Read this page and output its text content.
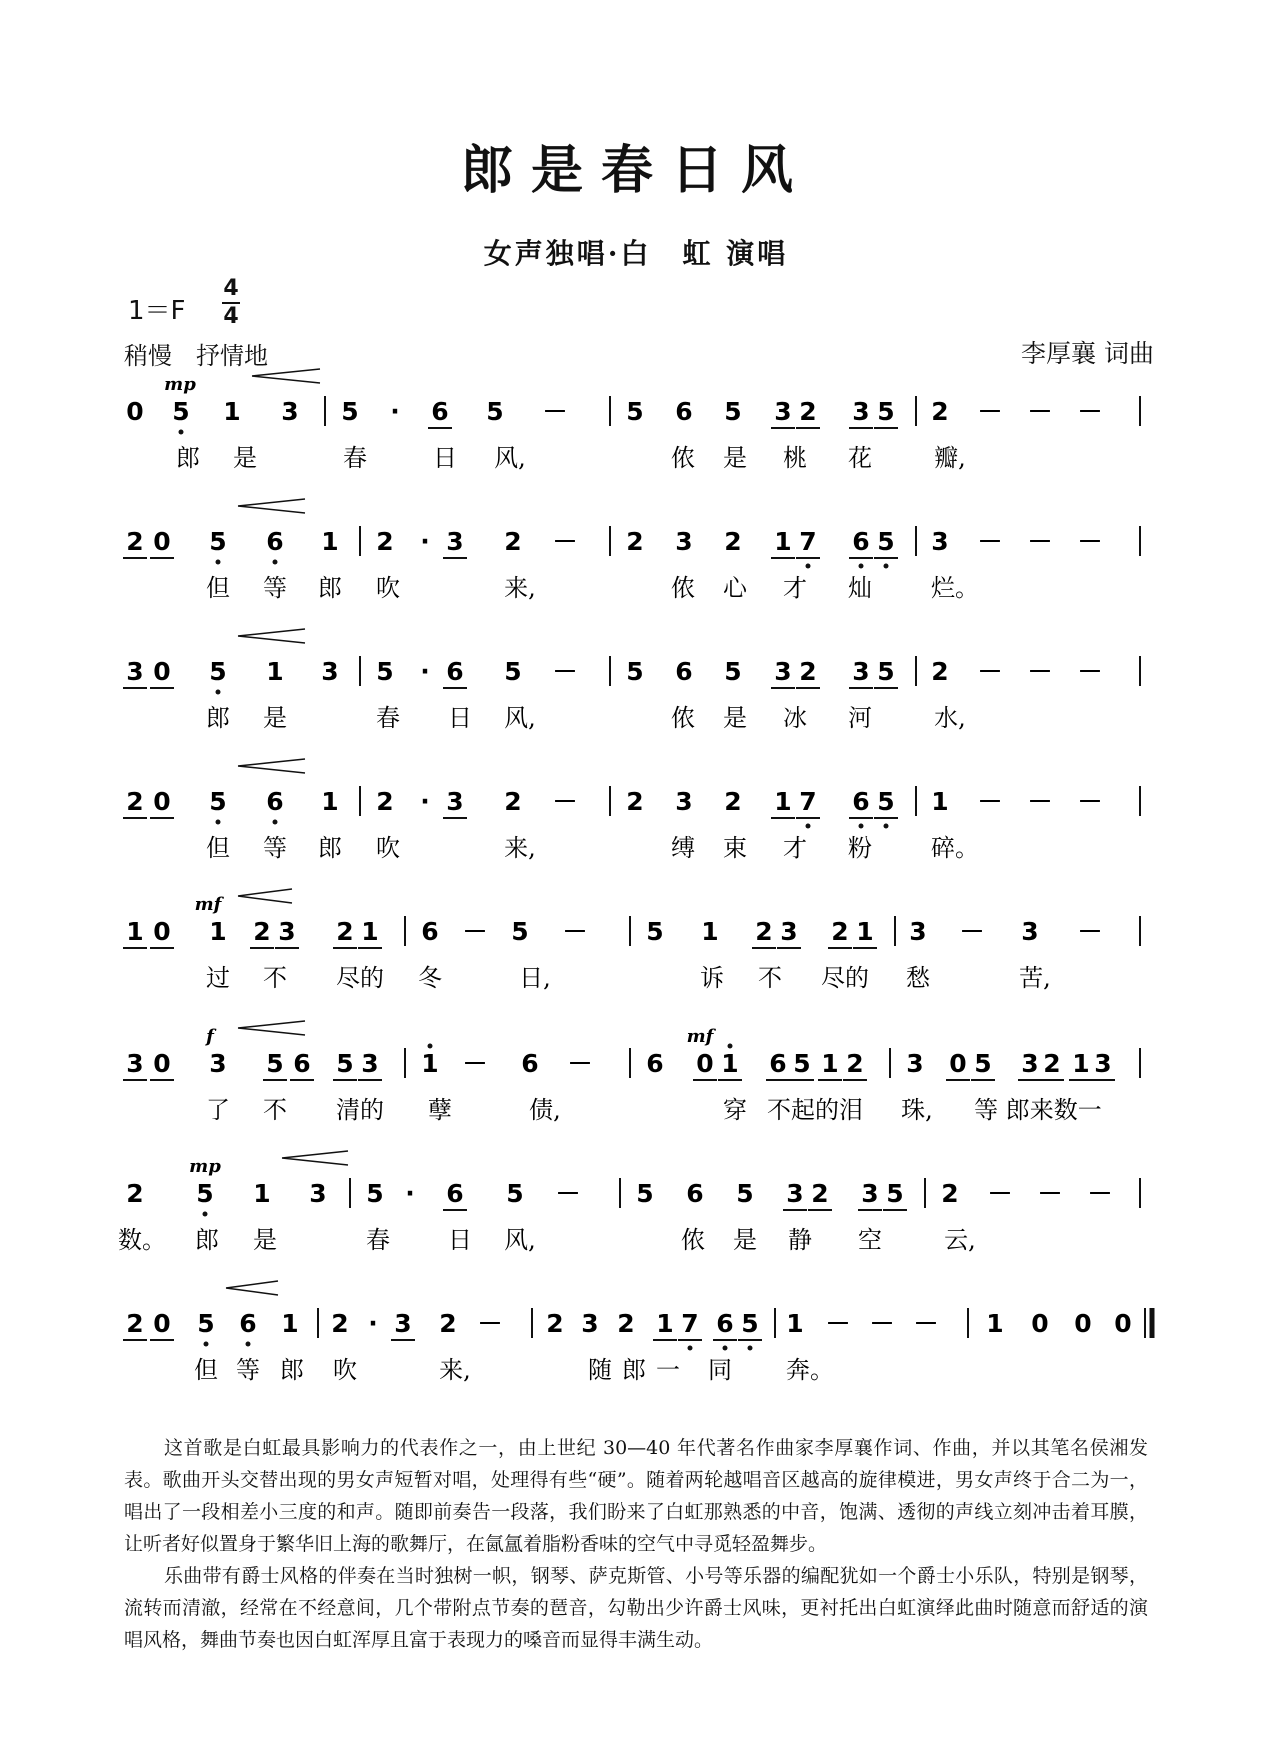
郎是春日风
女声独唱·白　虹 演唱
1＝F
4
4
稍慢　抒情地	李厚襄 词曲
0 5 1 3 5 · 6 5 － 5 6 5 3 2 3 5 2 － － －
郎 是	春	日 风,	侬 是 桃 花	瓣,
mp
2 0 5 6 1 2 · 3 2 － 2 3 2 1 7 6 5 3 － － －
但 等 郎 吹	来,	侬 心 才 灿 烂。
3 0 5 1 3 5 · 6 5 － 5 6 5 3 2 3 5 2 － － －
郎 是	春 日 风,	侬 是 冰 河	水,
2 0 5 6 1 2 · 3 2 － 2 3 2 1 7 6 5 1 － － －
但 等 郎 吹	来,	缚 束 才 粉 碎。
1 0 1 2 3 2 1 6 － 5 － 5 1 2 3 2 1 3 － 3 －
过 不 尽的 冬	日,	诉 不 尽的 愁	苦,
mf
3 0 3 5 6 5 3 1 － 6 － 6 0 1 6 5 1 2 3 0 5 3 2 1 3
了 不 清的 孽	债,	穿 不起的泪 珠, 等 郎来数一
f	mf
2 5 1 3 5 · 6 5 － 5 6 5 3 2 3 5 2 － － －
数。 郎 是	春 日 风,	侬 是 静 空	云,
mp
2 0 5 6 1 2 · 3 2 － 2 3 2 1 7 6 5 1 － － － 1 0 0 0
但 等 郎 吹	来,	随 郎 一 同 奔。

这首歌是白虹最具影响力的代表作之一，由上世纪 30—40 年代著名作曲家李厚襄作词、作曲，并以其笔名侯湘发表。歌曲开头交替出现的男女声短暂对唱，处理得有些“硬”。随着两轮越唱音区越高的旋律模进，男女声终于合二为一，唱出了一段相差小三度的和声。随即前奏告一段落，我们盼来了白虹那熟悉的中音，饱满、透彻的声线立刻冲击着耳膜，让听者好似置身于繁华旧上海的歌舞厅，在氤氲着脂粉香味的空气中寻觅轻盈舞步。

乐曲带有爵士风格的伴奏在当时独树一帜，钢琴、萨克斯管、小号等乐器的编配犹如一个爵士小乐队，特别是钢琴，流转而清澈，经常在不经意间，几个带附点节奏的琶音，勾勒出少许爵士风味，更衬托出白虹演绎此曲时随意而舒适的演唱风格，舞曲节奏也因白虹浑厚且富于表现力的嗓音而显得丰满生动。
